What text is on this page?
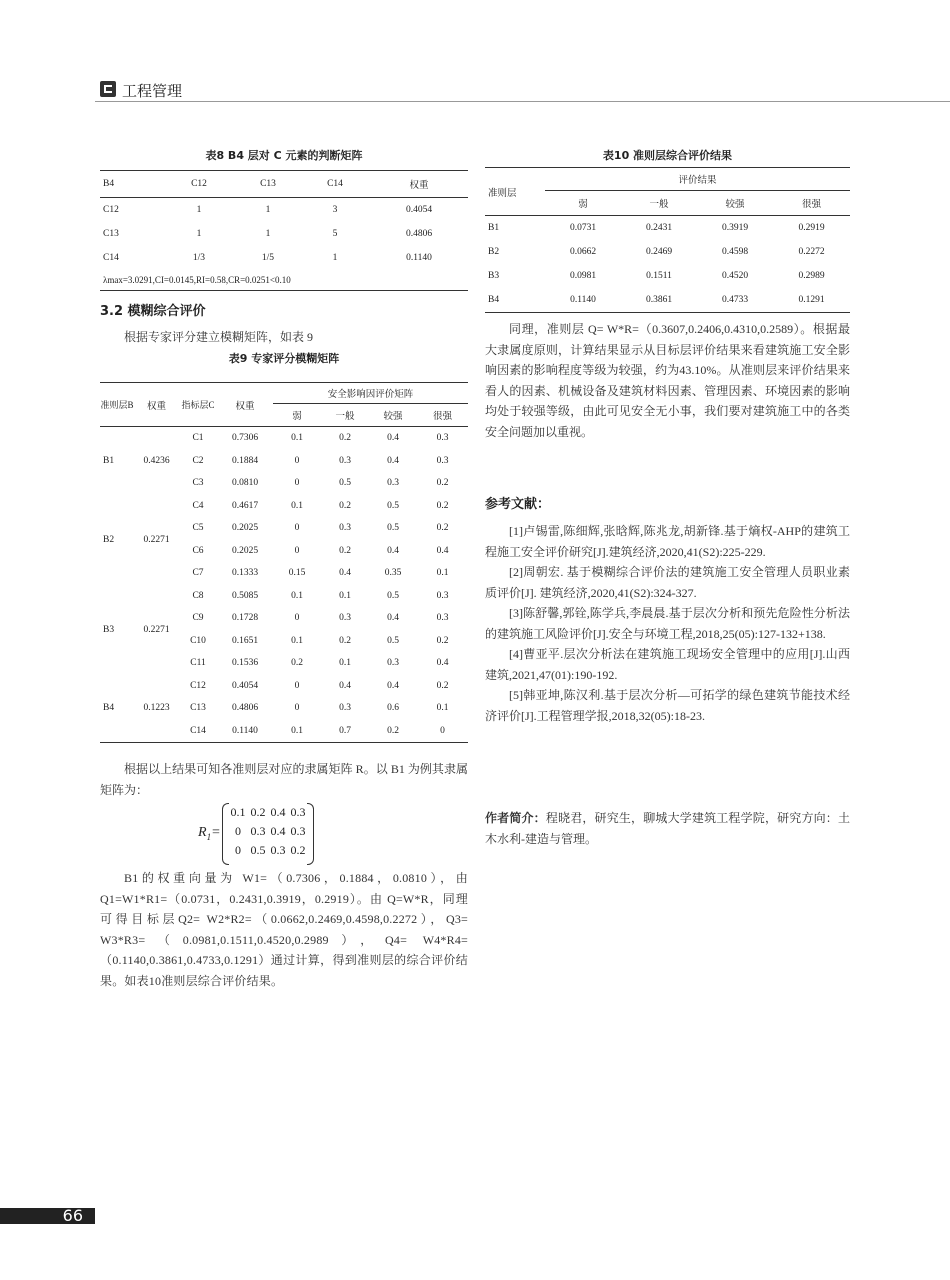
工程管理
表8 B4 层对 C 元素的判断矩阵
B4	C12	C13	C14	权重
C12	1	1	3	0.4054
C13	1	1	5	0.4806
C14	1/3	1/5	1	0.1140
λmax=3.0291,CI=0.0145,RI=0.58,CR=0.0251<0.10				
3.2 模糊综合评价

根据专家评分建立模糊矩阵，如表 9

表9 专家评分模糊矩阵
准则层B	权重	指标层C	权重	安全影响因评价矩阵			
				弱	一般	较强	很强
B1	0.4236	C1	0.7306	0.1	0.2	0.4	0.3
		C2	0.1884	0	0.3	0.4	0.3
		C3	0.0810	0	0.5	0.3	0.2
B2	0.2271	C4	0.4617	0.1	0.2	0.5	0.2
		C5	0.2025	0	0.3	0.5	0.2
		C6	0.2025	0	0.2	0.4	0.4
		C7	0.1333	0.15	0.4	0.35	0.1
B3	0.2271	C8	0.5085	0.1	0.1	0.5	0.3
		C9	0.1728	0	0.3	0.4	0.3
		C10	0.1651	0.1	0.2	0.5	0.2
		C11	0.1536	0.2	0.1	0.3	0.4
B4	0.1223	C12	0.4054	0	0.4	0.4	0.2
		C13	0.4806	0	0.3	0.6	0.1
		C14	0.1140	0.1	0.7	0.2	0

根据以上结果可知各准则层对应的隶属矩阵 R。以 B1 为例其隶属矩阵为：

$R_1=$
0.1 0.2 0.4 0.3
0 0.3 0.4 0.3
0 0.5 0.3 0.2

B1的权重向量为 W1=（0.7306，0.1884，0.0810），由 Q1=W1*R1=（0.0731，0.2431,0.3919，0.2919）。由 Q=W*R，同理可得目标层Q2= W2*R2=（0.0662,0.2469,0.4598,0.2272），Q3= W3*R3=（0.0981,0.1511,0.4520,0.2989），Q4= W4*R4=（0.1140,0.3861,0.4733,0.1291）通过计算，得到准则层的综合评价结果。如表10准则层综合评价结果。

表10 准则层综合评价结果
准则层	评价结果			
	弱	一般	较强	很强
B1	0.0731	0.2431	0.3919	0.2919
B2	0.0662	0.2469	0.4598	0.2272
B3	0.0981	0.1511	0.4520	0.2989
B4	0.1140	0.3861	0.4733	0.1291

同理，准则层 Q= W*R=（0.3607,0.2406,0.4310,0.2589）。根据最大隶属度原则，计算结果显示从目标层评价结果来看建筑施工安全影响因素的影响程度等级为较强，约为43.10%。从准则层来评价结果来看人的因素、机械设备及建筑材料因素、管理因素、环境因素的影响均处于较强等级，由此可见安全无小事，我们要对建筑施工中的各类安全问题加以重视。

参考文献：

[1]卢锡雷,陈细辉,张晗辉,陈兆龙,胡新锋.基于熵权-AHP的建筑工程施工安全评价研究[J].建筑经济,2020,41(S2):225-229.

[2]周朝宏. 基于模糊综合评价法的建筑施工安全管理人员职业素质评价[J]. 建筑经济,2020,41(S2):324-327.

[3]陈舒馨,郭铨,陈学兵,李晨晨.基于层次分析和预先危险性分析法的建筑施工风险评价[J].安全与环境工程,2018,25(05):127-132+138.

[4]曹亚平.层次分析法在建筑施工现场安全管理中的应用[J].山西建筑,2021,47(01):190-192.

[5]韩亚坤,陈汉利.基于层次分析—可拓学的绿色建筑节能技术经济评价[J].工程管理学报,2018,32(05):18-23.

作者简介：程晓君，研究生，聊城大学建筑工程学院，研究方向：土木水利-建造与管理。
66
